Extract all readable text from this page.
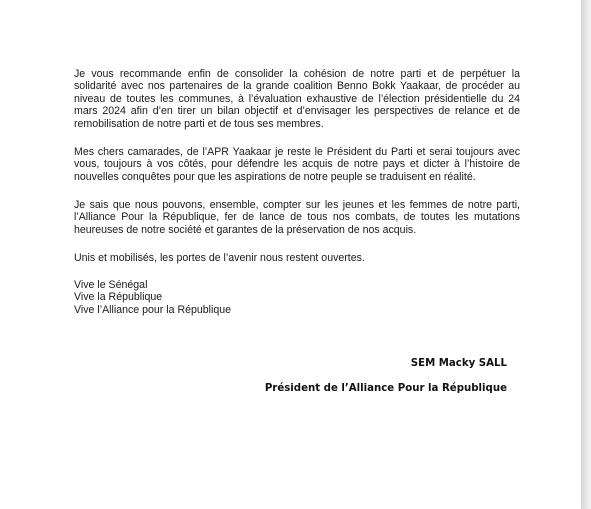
Je vous recommande enfin de consolider la cohésion de notre parti et de perpétuer la solidarité avec nos partenaires de la grande coalition Benno Bokk Yaakaar, de procéder au niveau de toutes les communes, à l’évaluation exhaustive de l’élection présidentielle du 24 mars 2024 afin d’en tirer un bilan objectif et d’envisager les perspectives de relance et de remobilisation de notre parti et de tous ses membres.

Mes chers camarades, de l’APR Yaakaar je reste le Président du Parti et serai toujours avec vous, toujours à vos côtés, pour défendre les acquis de notre pays et dicter à l’histoire de nouvelles conquêtes pour que les aspirations de notre peuple se traduisent en réalité.

Je sais que nous pouvons, ensemble, compter sur les jeunes et les femmes de notre parti, l’Alliance Pour la République, fer de lance de tous nos combats, de toutes les mutations heureuses de notre société et garantes de la préservation de nos acquis.

Unis et mobilisés, les portes de l’avenir nous restent ouvertes.

Vive le Sénégal
Vive la République
Vive l’Alliance pour la République
SEM Macky SALL
Président de l’Alliance Pour la République
